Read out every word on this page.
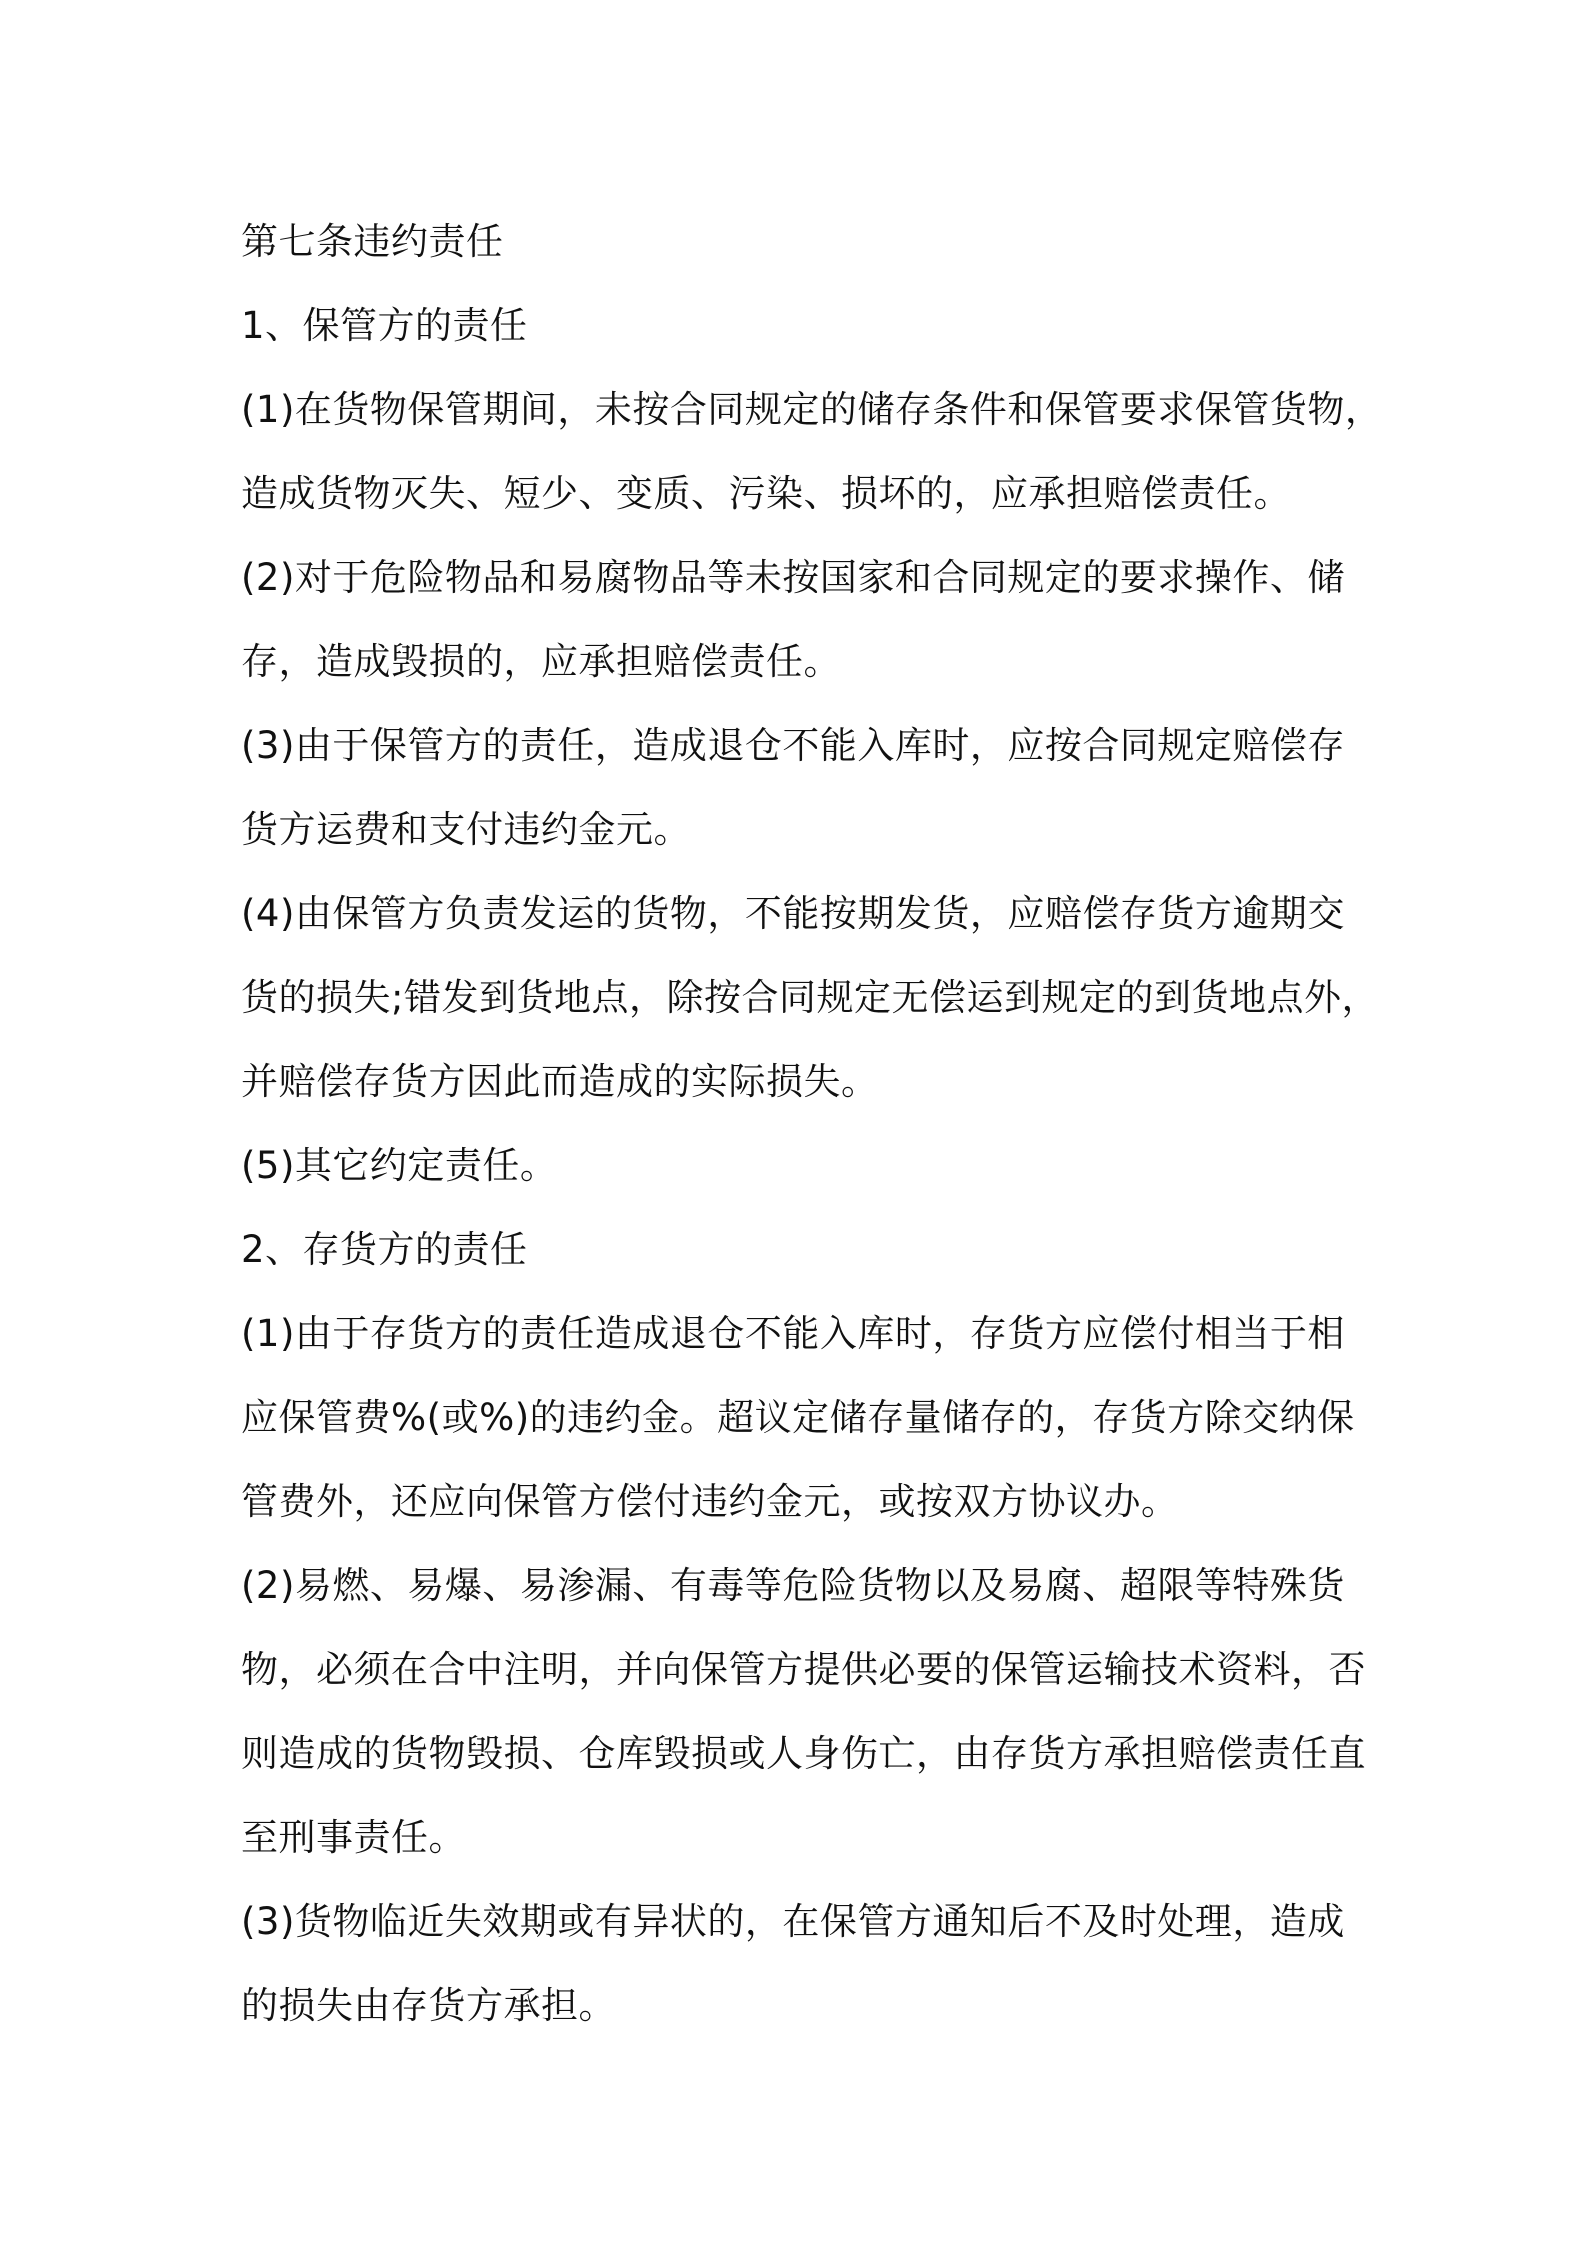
第七条违约责任

1、保管方的责任

(1)在货物保管期间，未按合同规定的储存条件和保管要求保管货物，

造成货物灭失、短少、变质、污染、损坏的，应承担赔偿责任。

(2)对于危险物品和易腐物品等未按国家和合同规定的要求操作、储

存，造成毁损的，应承担赔偿责任。

(3)由于保管方的责任，造成退仓不能入库时，应按合同规定赔偿存

货方运费和支付违约金元。

(4)由保管方负责发运的货物，不能按期发货，应赔偿存货方逾期交

货的损失;错发到货地点，除按合同规定无偿运到规定的到货地点外，

并赔偿存货方因此而造成的实际损失。

(5)其它约定责任。

2、存货方的责任

(1)由于存货方的责任造成退仓不能入库时，存货方应偿付相当于相

应保管费%(或%)的违约金。超议定储存量储存的，存货方除交纳保

管费外，还应向保管方偿付违约金元，或按双方协议办。

(2)易燃、易爆、易渗漏、有毒等危险货物以及易腐、超限等特殊货

物，必须在合中注明，并向保管方提供必要的保管运输技术资料，否

则造成的货物毁损、仓库毁损或人身伤亡，由存货方承担赔偿责任直

至刑事责任。

(3)货物临近失效期或有异状的，在保管方通知后不及时处理，造成

的损失由存货方承担。
